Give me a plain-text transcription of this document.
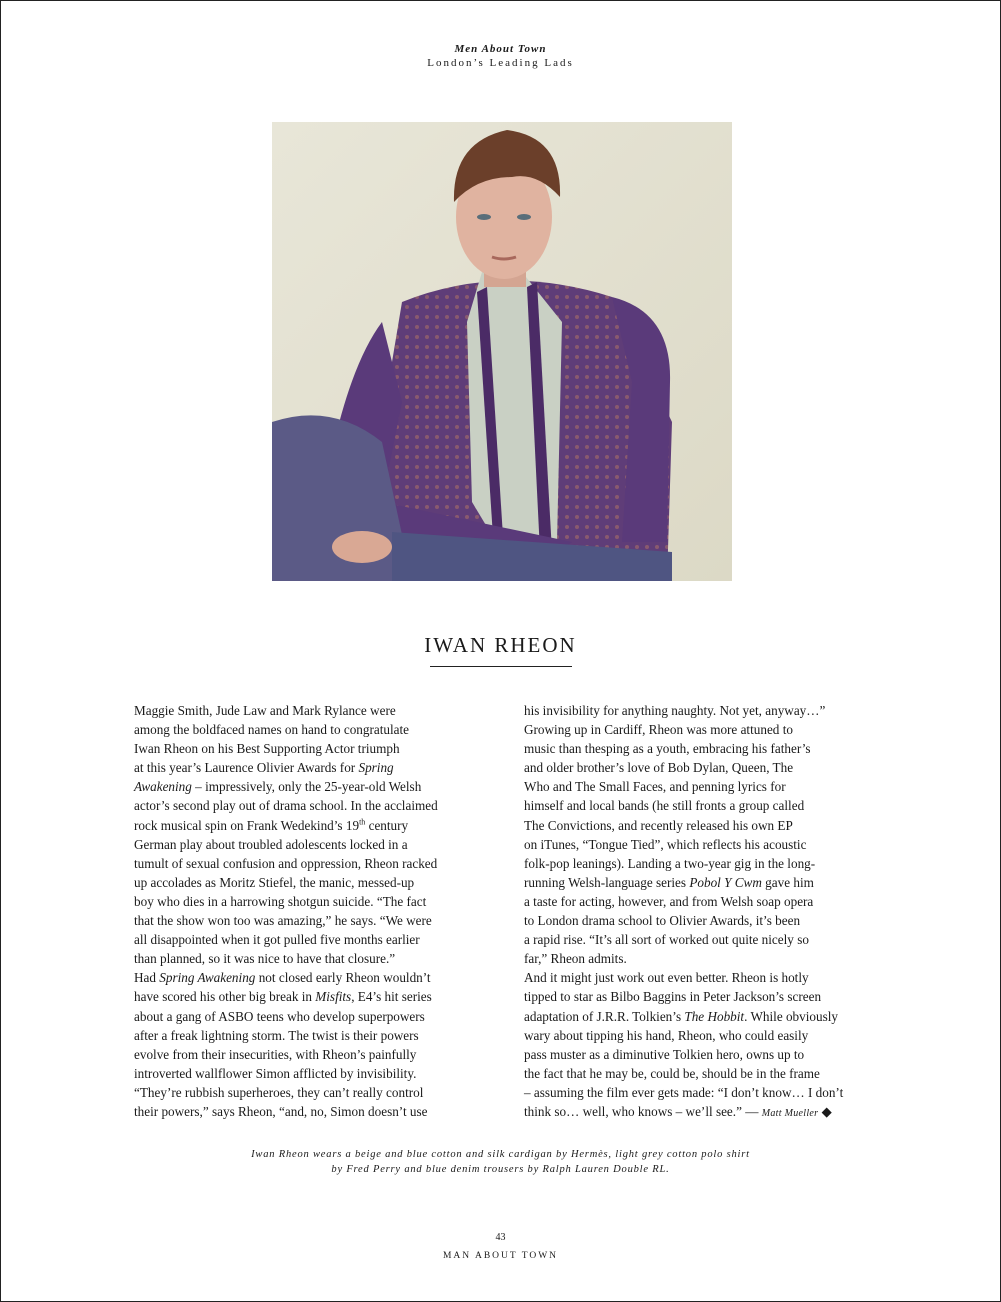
Men About Town
London’s Leading Lads
IWAN RHEON
Maggie Smith, Jude Law and Mark Rylance were
among the boldfaced names on hand to congratulate
Iwan Rheon on his Best Supporting Actor triumph
at this year’s Laurence Olivier Awards for Spring
Awakening – impressively, only the 25-year-old Welsh
actor’s second play out of drama school. In the acclaimed
rock musical spin on Frank Wedekind’s 19th century
German play about troubled adolescents locked in a
tumult of sexual confusion and oppression, Rheon racked
up accolades as Moritz Stiefel, the manic, messed-up
boy who dies in a harrowing shotgun suicide. “The fact
that the show won too was amazing,” he says. “We were
all disappointed when it got pulled five months earlier
than planned, so it was nice to have that closure.”
Had Spring Awakening not closed early Rheon wouldn’t
have scored his other big break in Misfits, E4’s hit series
about a gang of ASBO teens who develop superpowers
after a freak lightning storm. The twist is their powers
evolve from their insecurities, with Rheon’s painfully
introverted wallflower Simon afflicted by invisibility.
“They’re rubbish superheroes, they can’t really control
their powers,” says Rheon, “and, no, Simon doesn’t use
his invisibility for anything naughty. Not yet, anyway…”
Growing up in Cardiff, Rheon was more attuned to
music than thesping as a youth, embracing his father’s
and older brother’s love of Bob Dylan, Queen, The
Who and The Small Faces, and penning lyrics for
himself and local bands (he still fronts a group called
The Convictions, and recently released his own EP
on iTunes, “Tongue Tied”, which reflects his acoustic
folk-pop leanings). Landing a two-year gig in the long-
running Welsh-language series Pobol Y Cwm gave him
a taste for acting, however, and from Welsh soap opera
to London drama school to Olivier Awards, it’s been
a rapid rise. “It’s all sort of worked out quite nicely so
far,” Rheon admits.
And it might just work out even better. Rheon is hotly
tipped to star as Bilbo Baggins in Peter Jackson’s screen
adaptation of J.R.R. Tolkien’s The Hobbit. While obviously
wary about tipping his hand, Rheon, who could easily
pass muster as a diminutive Tolkien hero, owns up to
the fact that he may be, could be, should be in the frame
– assuming the film ever gets made: “I don’t know… I don’t
think so… well, who knows – we’ll see.” — Matt Mueller ◆
Iwan Rheon wears a beige and blue cotton and silk cardigan by Hermès, light grey cotton polo shirt
by Fred Perry and blue denim trousers by Ralph Lauren Double RL.
43
MAN ABOUT TOWN
